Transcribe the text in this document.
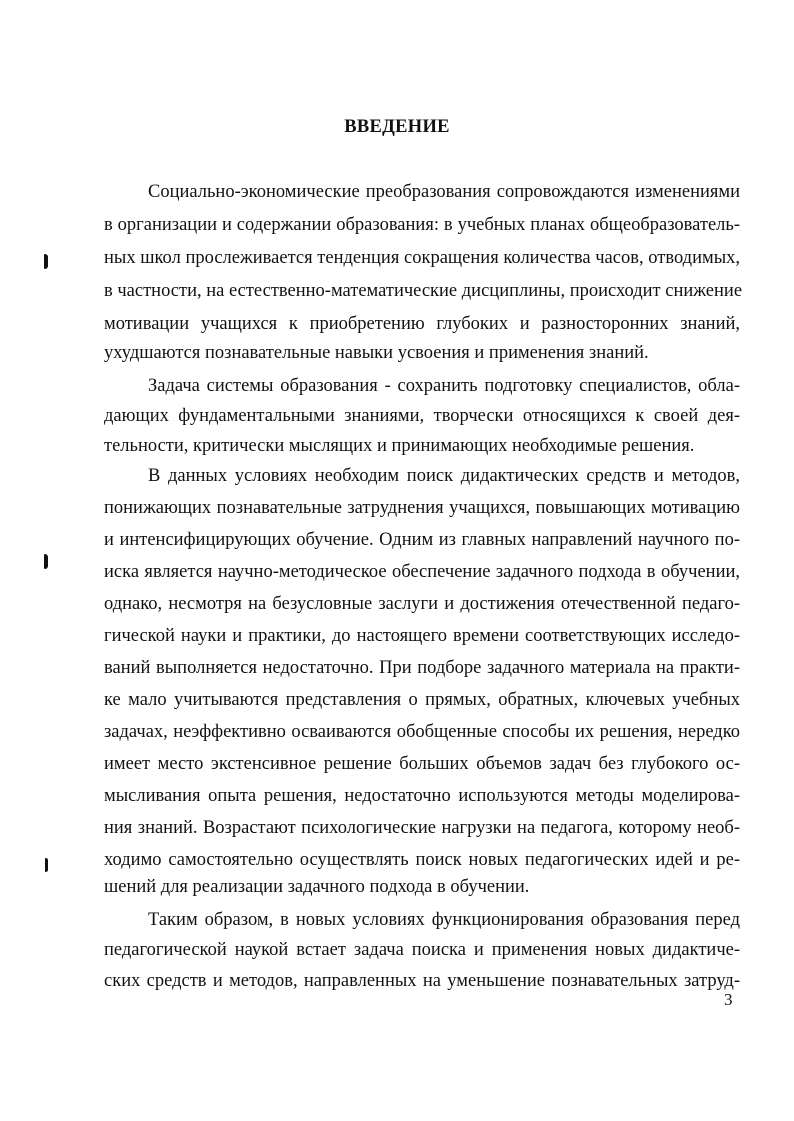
ВВЕДЕНИЕ
Социально-экономические преобразования сопровождаются изменениями
в организации и содержании образования: в учебных планах общеобразователь-
ных школ прослеживается тенденция сокращения количества часов, отводимых,
в частности, на естественно-математические дисциплины, происходит снижение
мотивации учащихся к приобретению глубоких и разносторонних знаний,
ухудшаются познавательные навыки усвоения и применения знаний.
Задача системы образования - сохранить подготовку специалистов, обла-
дающих фундаментальными знаниями, творчески относящихся к своей дея-
тельности, критически мыслящих и принимающих необходимые решения.
В данных условиях необходим поиск дидактических средств и методов,
понижающих познавательные затруднения учащихся, повышающих мотивацию
и интенсифицирующих обучение. Одним из главных направлений научного по-
иска является научно-методическое обеспечение задачного подхода в обучении,
однако, несмотря на безусловные заслуги и достижения отечественной педаго-
гической науки и практики, до настоящего времени соответствующих исследо-
ваний выполняется недостаточно. При подборе задачного материала на практи-
ке мало учитываются представления о прямых, обратных, ключевых учебных
задачах, неэффективно осваиваются обобщенные способы их решения, нередко
имеет место экстенсивное решение больших объемов задач без глубокого ос-
мысливания опыта решения, недостаточно используются методы моделирова-
ния знаний. Возрастают психологические нагрузки на педагога, которому необ-
ходимо самостоятельно осуществлять поиск новых педагогических идей и ре-
шений для реализации задачного подхода в обучении.
Таким образом, в новых условиях функционирования образования перед
педагогической наукой встает задача поиска и применения новых дидактиче-
ских средств и методов, направленных на уменьшение познавательных затруд-
3
